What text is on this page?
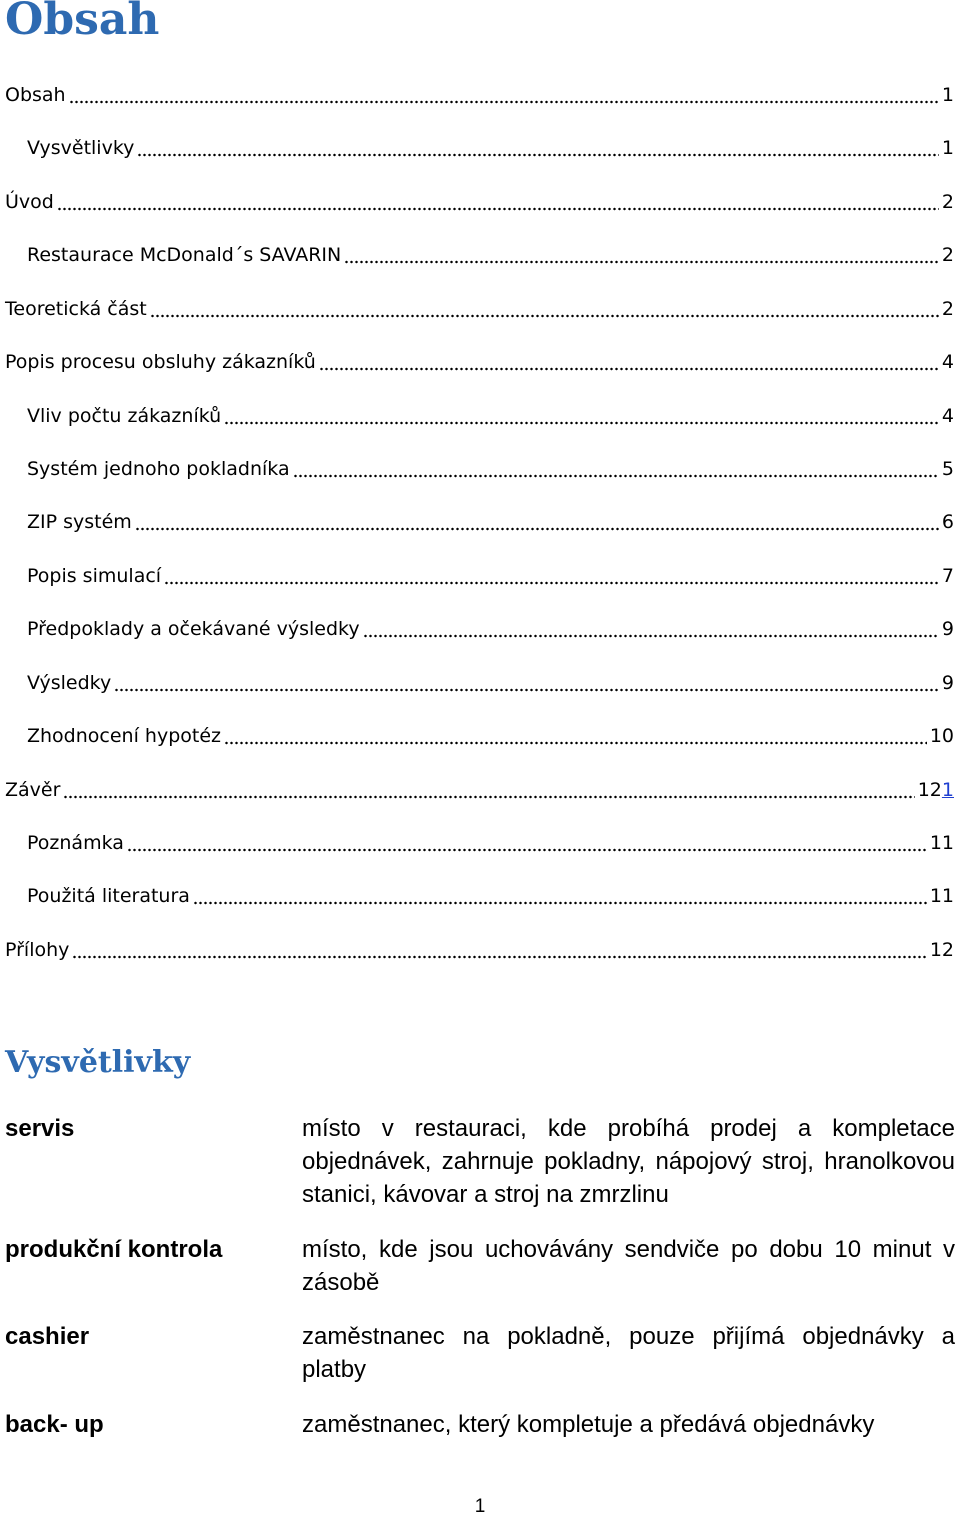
Obsah
Obsah	1
Vysvětlivky	1
Úvod	2
Restaurace McDonald´s SAVARIN	2
Teoretická část	2
Popis procesu obsluhy zákazníků	4
Vliv počtu zákazníků	4
Systém jednoho pokladníka	5
ZIP systém	6
Popis simulací	7
Předpoklady a očekávané výsledky	9
Výsledky	9
Zhodnocení hypotéz	10
Závěr	121
Poznámka	11
Použitá literatura	11
Přílohy	12
Vysvětlivky
servis	místo v restauraci, kde probíhá prodej a kompletace objednávek, zahrnuje pokladny, nápojový stroj, hranolkovou stanici, kávovar a stroj na zmrzlinu
produkční kontrola	místo, kde jsou uchovávány sendviče po dobu 10 minut v zásobě
cashier	zaměstnanec na pokladně, pouze přijímá objednávky a platby
back- up	zaměstnanec, který kompletuje a předává objednávky
1
